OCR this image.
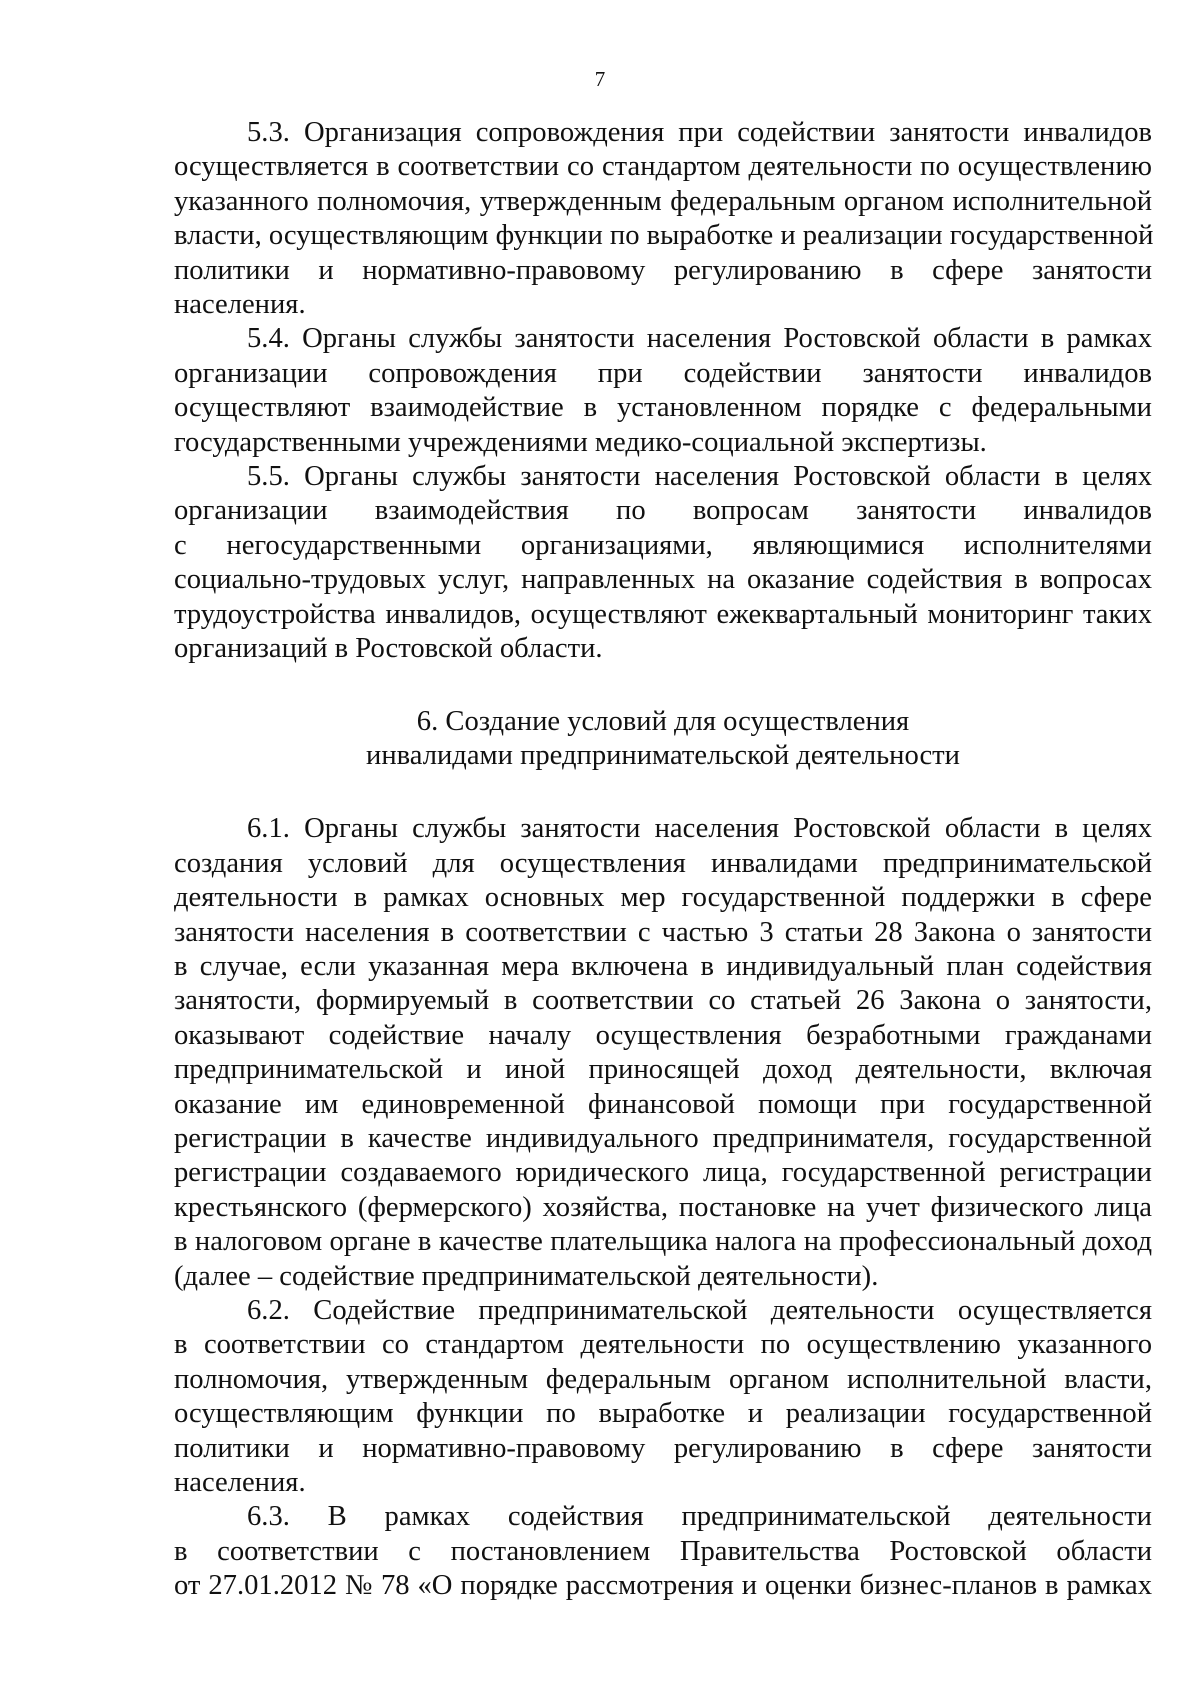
7
5.3. Организация сопровождения при содействии занятости инвалидов
осуществляется в соответствии со стандартом деятельности по осуществлению
указанного полномочия, утвержденным федеральным органом исполнительной
власти, осуществляющим функции по выработке и реализации государственной
политики и нормативно-правовому регулированию в сфере занятости
населения.
5.4. Органы службы занятости населения Ростовской области в рамках
организации сопровождения при содействии занятости инвалидов
осуществляют взаимодействие в установленном порядке с федеральными
государственными учреждениями медико-социальной экспертизы.
5.5. Органы службы занятости населения Ростовской области в целях
организации взаимодействия по вопросам занятости инвалидов
с негосударственными организациями, являющимися исполнителями
социально-трудовых услуг, направленных на оказание содействия в вопросах
трудоустройства инвалидов, осуществляют ежеквартальный мониторинг таких
организаций в Ростовской области.
6. Создание условий для осуществления
инвалидами предпринимательской деятельности
6.1. Органы службы занятости населения Ростовской области в целях
создания условий для осуществления инвалидами предпринимательской
деятельности в рамках основных мер государственной поддержки в сфере
занятости населения в соответствии с частью 3 статьи 28 Закона о занятости
в случае, если указанная мера включена в индивидуальный план содействия
занятости, формируемый в соответствии со статьей 26 Закона о занятости,
оказывают содействие началу осуществления безработными гражданами
предпринимательской и иной приносящей доход деятельности, включая
оказание им единовременной финансовой помощи при государственной
регистрации в качестве индивидуального предпринимателя, государственной
регистрации создаваемого юридического лица, государственной регистрации
крестьянского (фермерского) хозяйства, постановке на учет физического лица
в налоговом органе в качестве плательщика налога на профессиональный доход
(далее – содействие предпринимательской деятельности).
6.2. Содействие предпринимательской деятельности осуществляется
в соответствии со стандартом деятельности по осуществлению указанного
полномочия, утвержденным федеральным органом исполнительной власти,
осуществляющим функции по выработке и реализации государственной
политики и нормативно-правовому регулированию в сфере занятости
населения.
6.3. В рамках содействия предпринимательской деятельности
в соответствии с постановлением Правительства Ростовской области
от 27.01.2012 № 78 «О порядке рассмотрения и оценки бизнес-планов в рамках
